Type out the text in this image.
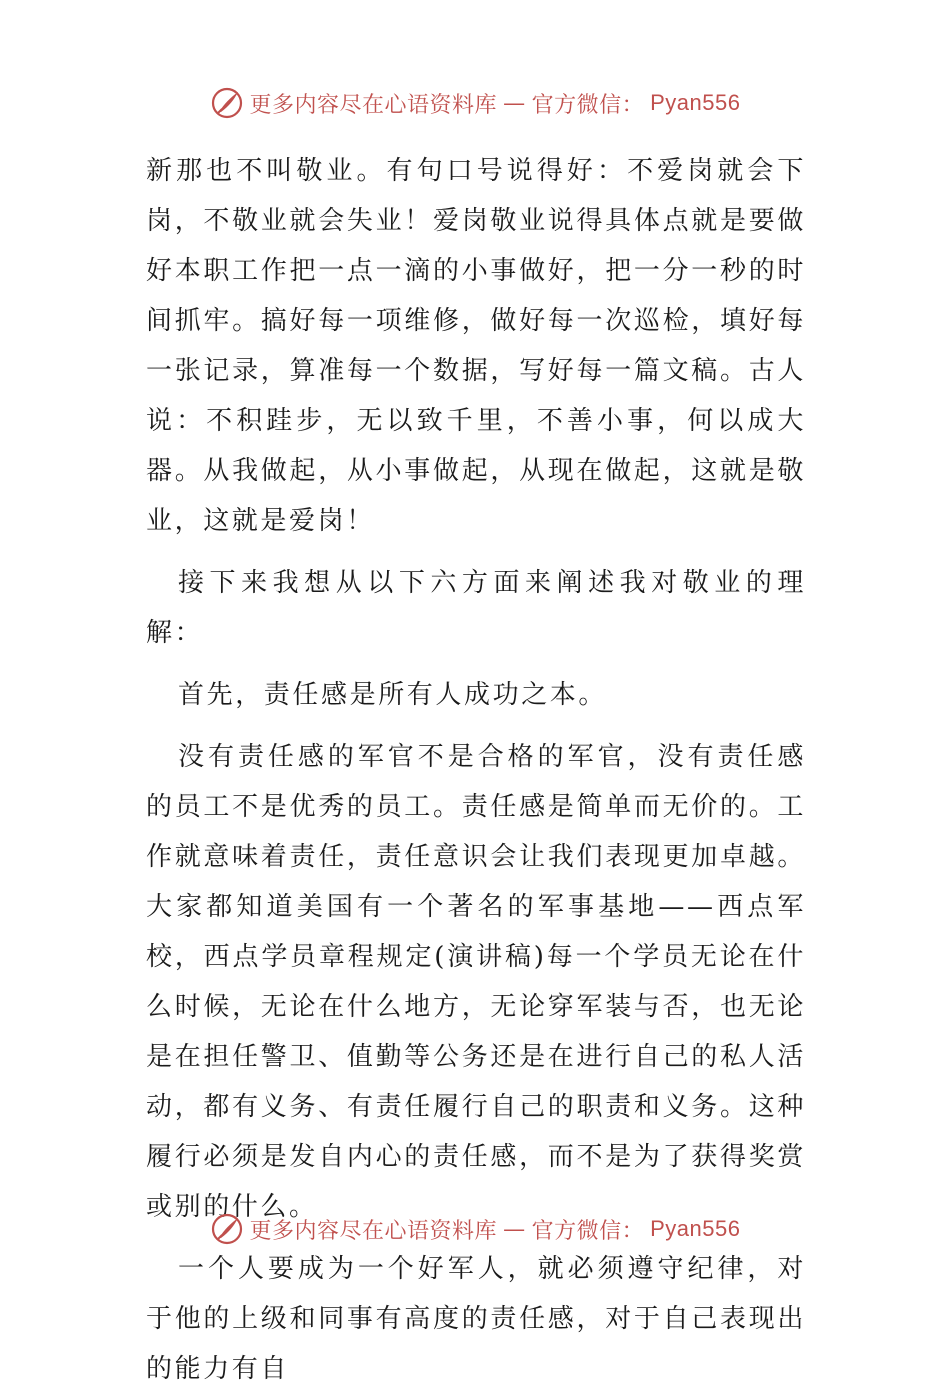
更多内容尽在心语资料库 — 官方微信： Pyan556

新那也不叫敬业。有句口号说得好：不爱岗就会下岗，不敬业就会失业！爱岗敬业说得具体点就是要做好本职工作把一点一滴的小事做好，把一分一秒的时间抓牢。搞好每一项维修，做好每一次巡检，填好每一张记录，算准每一个数据，写好每一篇文稿。古人说：不积跬步，无以致千里，不善小事，何以成大器。从我做起，从小事做起，从现在做起，这就是敬业，这就是爱岗！

接下来我想从以下六方面来阐述我对敬业的理解：

首先，责任感是所有人成功之本。

没有责任感的军官不是合格的军官，没有责任感的员工不是优秀的员工。责任感是简单而无价的。工作就意味着责任，责任意识会让我们表现更加卓越。大家都知道美国有一个著名的军事基地——西点军校，西点学员章程规定(演讲稿)每一个学员无论在什么时候，无论在什么地方，无论穿军装与否，也无论是在担任警卫、值勤等公务还是在进行自己的私人活动，都有义务、有责任履行自己的职责和义务。这种履行必须是发自内心的责任感，而不是为了获得奖赏或别的什么。

一个人要成为一个好军人，就必须遵守纪律，对于他的上级和同事有高度的责任感，对于自己表现出的能力有自

更多内容尽在心语资料库 — 官方微信： Pyan556
